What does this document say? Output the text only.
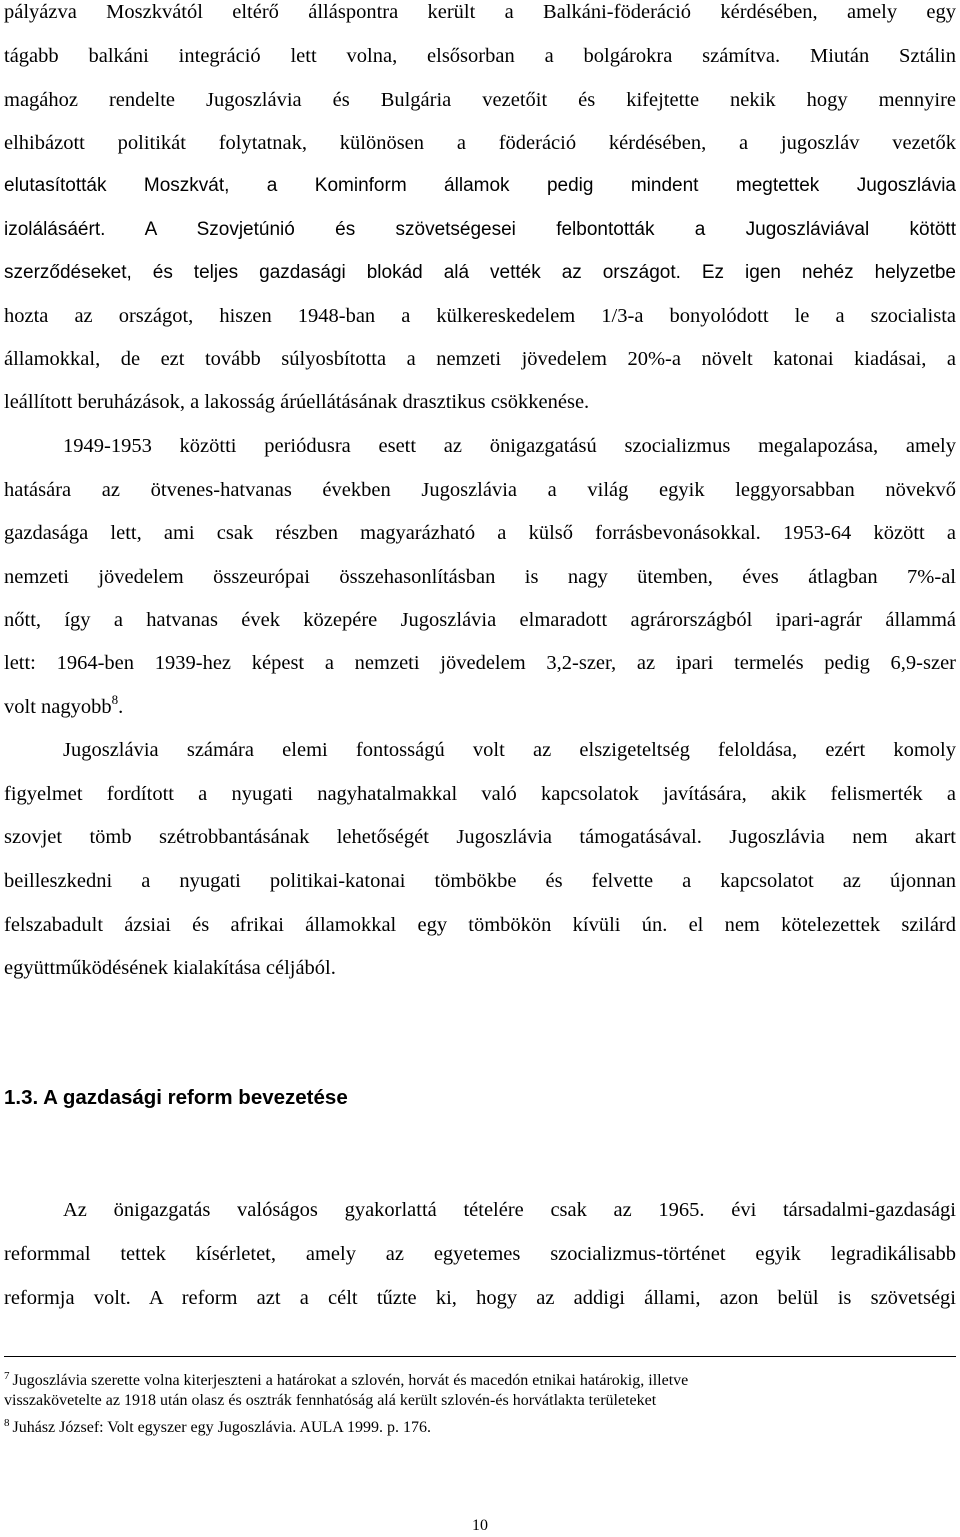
pályázva Moszkvától eltérő álláspontra került a Balkáni-föderáció kérdésében, amely egy
tágabb balkáni integráció lett volna, elsősorban a bolgárokra számítva. Miután Sztálin
magához rendelte Jugoszlávia és Bulgária vezetőit és kifejtette nekik hogy mennyire
elhibázott politikát folytatnak, különösen a föderáció kérdésében, a jugoszláv vezetők
elutasították Moszkvát, a Kominform államok pedig mindent megtettek Jugoszlávia
izolálásáért. A Szovjetúnió és szövetségesei felbontották a Jugoszláviával kötött
szerződéseket, és teljes gazdasági blokád alá vették az országot. Ez igen nehéz helyzetbe
hozta az országot, hiszen 1948-ban a külkereskedelem 1/3-a bonyolódott le a szocialista
államokkal, de ezt tovább súlyosbította a nemzeti jövedelem 20%-a növelt katonai kiadásai, a
leállított beruházások, a lakosság árúellátásának drasztikus csökkenése.
1949-1953 közötti periódusra esett az önigazgatású szocializmus megalapozása, amely
hatására az ötvenes-hatvanas években Jugoszlávia a világ egyik leggyorsabban növekvő
gazdasága lett, ami csak részben magyarázható a külső forrásbevonásokkal. 1953-64 között a
nemzeti jövedelem összeurópai összehasonlításban is nagy ütemben, éves átlagban 7%-al
nőtt, így a hatvanas évek közepére Jugoszlávia elmaradott agrárországból ipari-agrár állammá
lett: 1964-ben 1939-hez képest a nemzeti jövedelem 3,2-szer, az ipari termelés pedig 6,9-szer
volt nagyobb$^8$.
Jugoszlávia számára elemi fontosságú volt az elszigeteltség feloldása, ezért komoly
figyelmet fordított a nyugati nagyhatalmakkal való kapcsolatok javítására, akik felismerték a
szovjet tömb szétrobbantásának lehetőségét Jugoszlávia támogatásával. Jugoszlávia nem akart
beilleszkedni a nyugati politikai-katonai tömbökbe és felvette a kapcsolatot az újonnan
felszabadult ázsiai és afrikai államokkal egy tömbökön kívüli ún. el nem kötelezettek szilárd
együttműködésének kialakítása céljából.
1.3. A gazdasági reform bevezetése
Az önigazgatás valóságos gyakorlattá tételére csak az 1965. évi társadalmi-gazdasági
reformmal tettek kísérletet, amely az egyetemes szocializmus-történet egyik legradikálisabb
reformja volt. A reform azt a célt tűzte ki, hogy az addigi állami, azon belül is szövetségi
$^7$ Jugoszlávia szerette volna kiterjeszteni a határokat a szlovén, horvát és macedón etnikai határokig, illetve
visszakövetelte az 1918 után olasz és osztrák fennhatóság alá került szlovén-és horvátlakta területeket
$^8$ Juhász József: Volt egyszer egy Jugoszlávia. AULA 1999. p. 176.
10
